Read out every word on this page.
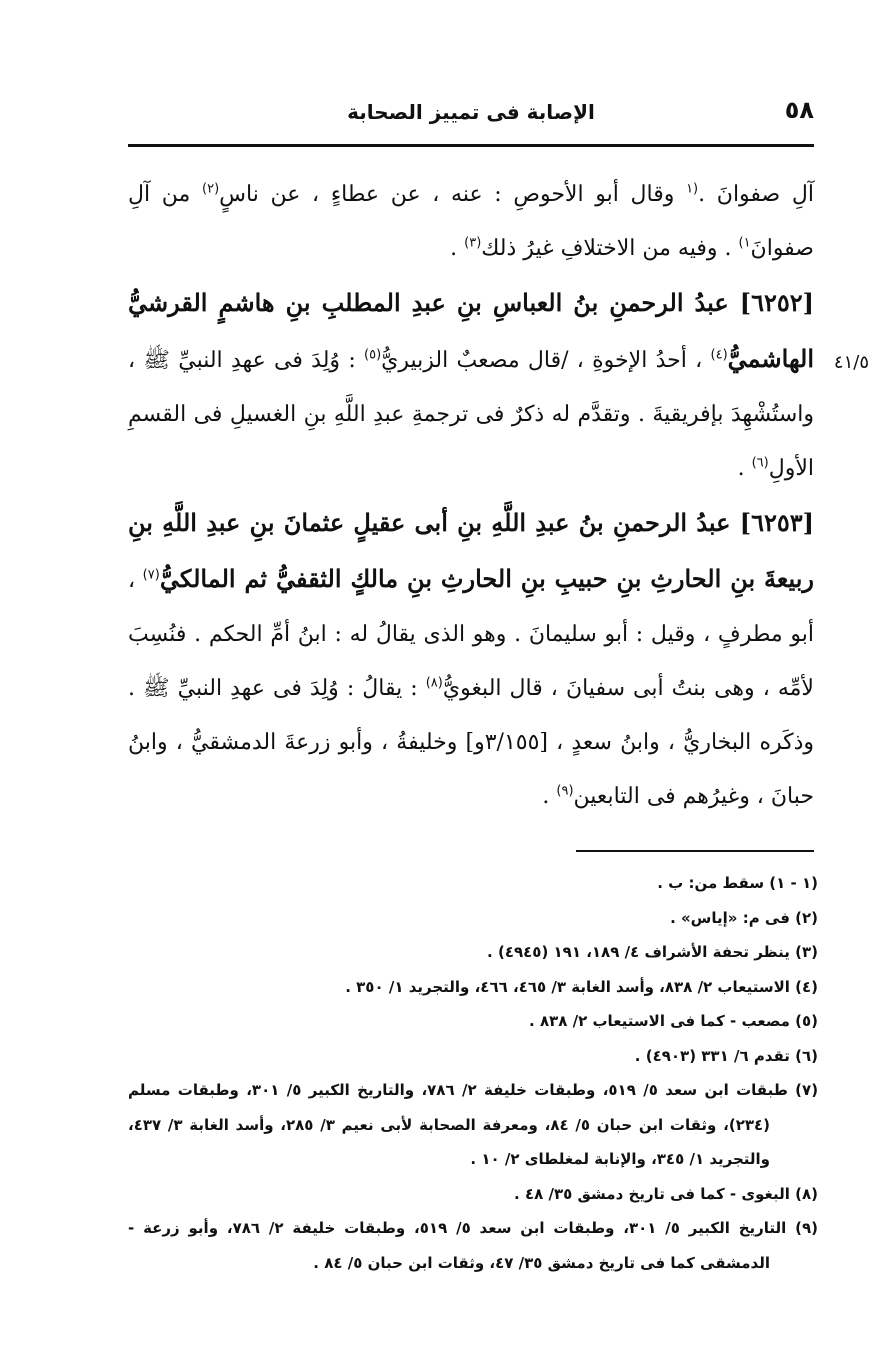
٥٨
الإصابة فى تمييز الصحابة
٤١/٥

آلِ صفوانَ .$^{(١}$ وقال أبو الأحوصِ : عنه ، عن عطاءٍ ، عن ناسٍ$^{(٢)}$ من آلِ صفوانَ$^{١)}$ . وفيه من الاختلافِ غيرُ ذلك$^{(٣)}$ .

[٦٢٥٢] عبدُ الرحمنِ بنُ العباسِ بنِ عبدِ المطلبِ بنِ هاشمٍ القرشيُّ الهاشميُّ$^{(٤)}$ ، أحدُ الإخوةِ ، /قال مصعبٌ الزبيريُّ$^{(٥)}$ : وُلِدَ فى عهدِ النبيِّ ﷺ ، واستُشْهِدَ بإفريقيةَ . وتقدَّم له ذكرٌ فى ترجمةِ عبدِ اللَّهِ بنِ الغسيلِ فى القسمِ الأولِ$^{(٦)}$ .

[٦٢٥٣] عبدُ الرحمنِ بنُ عبدِ اللَّهِ بنِ أبى عقيلٍ عثمانَ بنِ عبدِ اللَّهِ بنِ ربيعةَ بنِ الحارثِ بنِ حبيبِ بنِ الحارثِ بنِ مالكٍ الثقفيُّ ثم المالكيُّ$^{(٧)}$ ، أبو مطرفٍ ، وقيل : أبو سليمانَ . وهو الذى يقالُ له : ابنُ أمِّ الحكم . فنُسِبَ لأمِّه ، وهى بنتُ أبى سفيانَ ، قال البغويُّ$^{(٨)}$ : يقالُ : وُلِدَ فى عهدِ النبيِّ ﷺ . وذكَره البخاريُّ ، وابنُ سعدٍ ، [٣/١٥٥و] وخليفةُ ، وأبو زرعةَ الدمشقيُّ ، وابنُ حبانَ ، وغيرُهم فى التابعين$^{(٩)}$ .

(١ - ١) سقط من: ب .

(٢) فى م: «إياس» .

(٣) ينظر تحفة الأشراف ٤/ ١٨٩، ١٩١ (٤٩٤٥) .

(٤) الاستيعاب ٢/ ٨٣٨، وأسد الغابة ٣/ ٤٦٥، ٤٦٦، والتجريد ١/ ٣٥٠ .

(٥) مصعب - كما فى الاستيعاب ٢/ ٨٣٨ .

(٦) تقدم ٦/ ٣٣١ (٤٩٠٣) .

(٧) طبقات ابن سعد ٥/ ٥١٩، وطبقات خليفة ٢/ ٧٨٦، والتاريخ الكبير ٥/ ٣٠١، وطبقات مسلم (٢٣٤)، وثقات ابن حبان ٥/ ٨٤، ومعرفة الصحابة لأبى نعيم ٣/ ٢٨٥، وأسد الغابة ٣/ ٤٣٧، والتجريد ١/ ٣٤٥، والإنابة لمغلطاى ٢/ ١٠ .

(٨) البغوى - كما فى تاريخ دمشق ٣٥/ ٤٨ .

(٩) التاريخ الكبير ٥/ ٣٠١، وطبقات ابن سعد ٥/ ٥١٩، وطبقات خليفة ٢/ ٧٨٦، وأبو زرعة - الدمشقى كما فى تاريخ دمشق ٣٥/ ٤٧، وثقات ابن حبان ٥/ ٨٤ .
